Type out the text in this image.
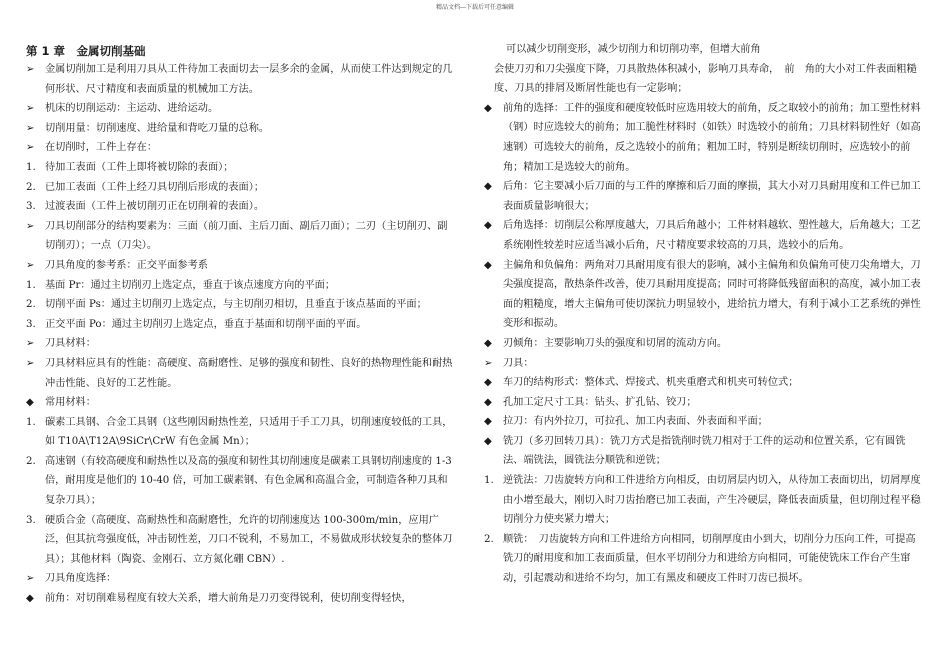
精品文档---下载后可任意编辑
第 1 章　金属切削基础
➢	金属切削加工是利用刀具从工件待加工表面切去一层多余的金属，从而使工件达到规定的几何形状、尺寸精度和表面质量的机械加工方法。
➢	机床的切削运动：主运动、进给运动。
➢	切削用量：切削速度、进给量和背吃刀量的总称。
➢	在切削时，工件上存在：
1. 待加工表面（工件上即将被切除的表面）；
2. 已加工表面（工件上经刀具切削后形成的表面）；
3. 过渡表面（工件上被切削刃正在切削着的表面）。
➢	刀具切削部分的结构要素为：三面（前刀面、主后刀面、副后刀面）；二刃（主切削刃、副切削刃）；一点（刀尖）。
➢	刀具角度的参考系：正交平面参考系
1. 基面 Pr：通过主切削刃上选定点，垂直于该点速度方向的平面；
2. 切削平面 Ps：通过主切削刃上选定点，与主切削刃相切，且垂直于该点基面的平面；
3. 正交平面 Po：通过主切削刃上选定点，垂直于基面和切削平面的平面。
➢	刀具材料：
➢	刀具材料应具有的性能：高硬度、高耐磨性、足够的强度和韧性、良好的热物理性能和耐热冲击性能、良好的工艺性能。
◆	常用材料：
1. 碳素工具钢、合金工具钢（这些刚因耐热性差，只适用于手工刀具，切削速度较低的工具，如 T10A\T12A\9SiCr\CrW 有色金属 Mn）；
2. 高速钢（有较高硬度和耐热性以及高的强度和韧性其切削速度是碳素工具钢切削速度的 1-3 倍，耐用度是他们的 10-40 倍，可加工碳素钢、有色金属和高温合金，可制造各种刀具和复杂刀具）；
3. 硬质合金（高硬度、高耐热性和高耐磨性，允许的切削速度达 100-300m/min，应用广泛，但其抗弯强度低，冲击韧性差，刀口不锐利，不易加工，不易做成形状较复杂的整体刀具）；其他材料（陶瓷、金刚石、立方氮化硼 CBN）.
➢	刀具角度选择：
◆	前角：对切削难易程度有较大关系，增大前角是刀刃变得锐利，使切削变得轻快，
可以减少切削变形，减少切削力和切削功率，但增大前角
会使刀刃和刀尖强度下降，刀具散热体积减小，影响刀具寿命，　前　角的大小对工件表面粗糙度、刀具的排屑及断屑性能也有一定影响；
◆	前角的选择：工件的强度和硬度较低时应选用较大的前角，反之取较小的前角；加工塑性材料（钢）时应选较大的前角；加工脆性材料时（如铁）时选较小的前角；刀具材料韧性好（如高速钢）可选较大的前角，反之选较小的前角；粗加工时，特别是断续切削时，应选较小的前角；精加工是选较大的前角。
◆	后角：它主要减小后刀面的与工件的摩擦和后刀面的摩损，其大小对刀具耐用度和工件已加工表面质量影响很大；
◆	后角选择：切削层公称厚度越大，刀具后角越小；工件材料越软、塑性越大，后角越大；工艺系统刚性较差时应适当减小后角，尺寸精度要求较高的刀具，选较小的后角。
◆	主偏角和负偏角：两角对刀具耐用度有很大的影响，减小主偏角和负偏角可使刀尖角增大，刀尖强度提高，散热条件改善，使刀具耐用度提高；同时可将降低残留面积的高度，减小加工表面的粗糙度，增大主偏角可使切深抗力明显较小，进给抗力增大，有利于减小工艺系统的弹性变形和振动。
◆	刃倾角：主要影响刀头的强度和切屑的流动方向。
➢	刀具：
◆	车刀的结构形式：整体式、焊接式、机夹重磨式和机夹可转位式；
◆	孔加工定尺寸工具：钻头、扩孔钻、铰刀；
◆	拉刀：有内外拉刀，可拉孔、加工内表面、外表面和平面；
◆	铣刀（多刃回转刀具）：铣刀方式是指铣削时铣刀相对于工件的运动和位置关系，它有圆铣法、端铣法，圆铣法分顺铣和逆铣；
1. 逆铣法：刀齿旋转方向和工件进给方向相反，由切屑层内切入，从待加工表面切出，切屑厚度由小增至最大，刚切入时刀齿抬磨已加工表面，产生冷硬层，降低表面质量，但切削过程平稳切削分力使夹紧力增大；
2. 顺铣：　刀齿旋转方向和工件进给方向相同，切削厚度由小到大，切削分力压向工件，可提高铣刀的耐用度和加工表面质量，但水平切削分力和进给方向相同，可能使铣床工作台产生窜动，引起震动和进给不均匀，加工有黑皮和硬皮工件时刀齿已损坏。
